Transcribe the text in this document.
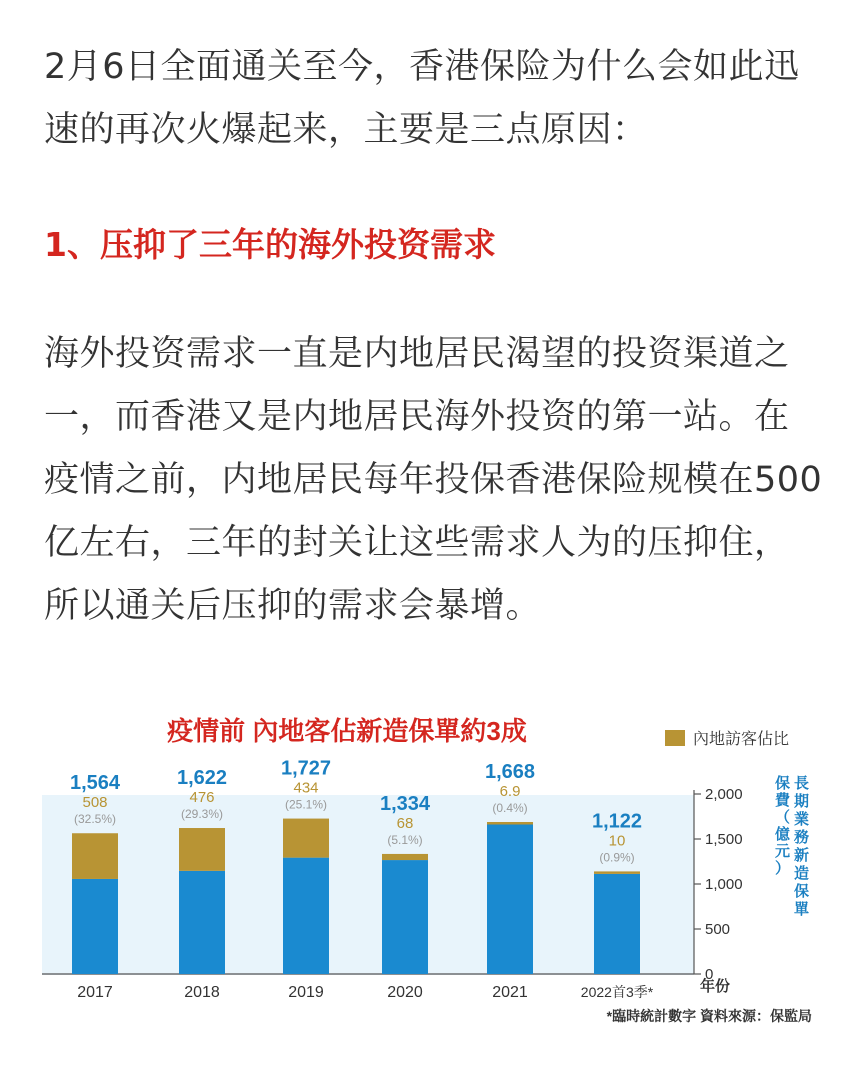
2月6日全面通关至今，香港保险为什么会如此迅速的再次火爆起来，主要是三点原因：
1、压抑了三年的海外投资需求
海外投资需求一直是内地居民渴望的投资渠道之一，而香港又是内地居民海外投资的第一站。在疫情之前，内地居民每年投保香港保险规模在500亿左右，三年的封关让这些需求人为的压抑住，所以通关后压抑的需求会暴增。
疫情前 內地客佔新造保單約3成	內地訪客佔比
0
500
1,000
1,500
2,000
長期業務新造保單保費（億元）
(32.5%)
508
1,564
2017
(29.3%)
476
1,622
2018
(25.1%)
434
1,727
2019
(5.1%)
68
1,334
2020
(0.4%)
6.9
1,668
2021
(0.9%)
10
1,122
2022首3季*
*臨時統計數字 資料來源：保監局
年份
